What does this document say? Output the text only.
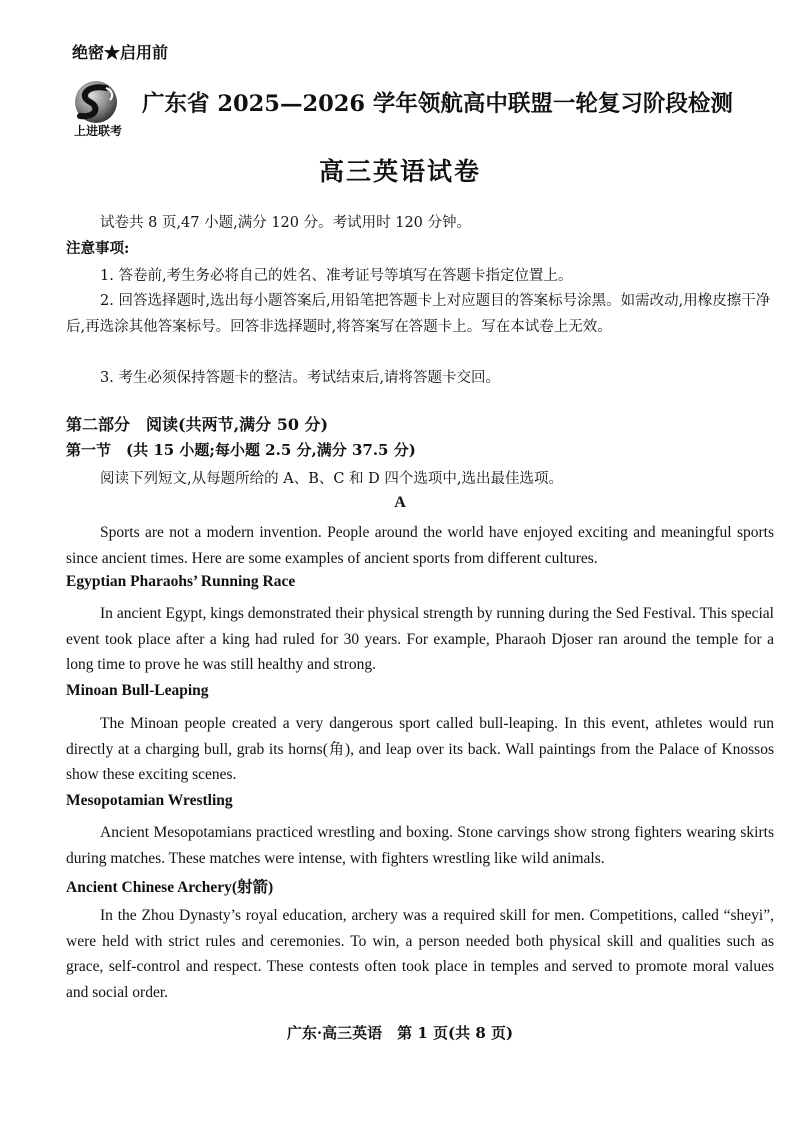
绝密★启用前
上进联考
广东省 2025—2026 学年领航高中联盟一轮复习阶段检测
高三英语试卷
试卷共 8 页,47 小题,满分 120 分。考试用时 120 分钟。
注意事项:
1. 答卷前,考生务必将自己的姓名、准考证号等填写在答题卡指定位置上。
2. 回答选择题时,选出每小题答案后,用铅笔把答题卡上对应题目的答案标号涂黑。如需改动,用橡皮擦干净后,再选涂其他答案标号。回答非选择题时,将答案写在答题卡上。写在本试卷上无效。
3. 考生必须保持答题卡的整洁。考试结束后,请将答题卡交回。
第二部分　阅读(共两节,满分 50 分)
第一节　(共 15 小题;每小题 2.5 分,满分 37.5 分)
阅读下列短文,从每题所给的 A、B、C 和 D 四个选项中,选出最佳选项。
A
Sports are not a modern invention. People around the world have enjoyed exciting and meaningful sports since ancient times. Here are some examples of ancient sports from different cultures.
Egyptian Pharaohs’ Running Race
In ancient Egypt, kings demonstrated their physical strength by running during the Sed Festival. This special event took place after a king had ruled for 30 years. For example, Pharaoh Djoser ran around the temple for a long time to prove he was still healthy and strong.
Minoan Bull-Leaping
The Minoan people created a very dangerous sport called bull-leaping. In this event, athletes would run directly at a charging bull, grab its horns(角), and leap over its back. Wall paintings from the Palace of Knossos show these exciting scenes.
Mesopotamian Wrestling
Ancient Mesopotamians practiced wrestling and boxing. Stone carvings show strong fighters wearing skirts during matches. These matches were intense, with fighters wrestling like wild animals.
Ancient Chinese Archery(射箭)
In the Zhou Dynasty’s royal education, archery was a required skill for men. Competitions, called “sheyi”, were held with strict rules and ceremonies. To win, a person needed both physical skill and qualities such as grace, self-control and respect. These contests often took place in temples and served to promote moral values and social order.
广东·高三英语　第 1 页(共 8 页)
